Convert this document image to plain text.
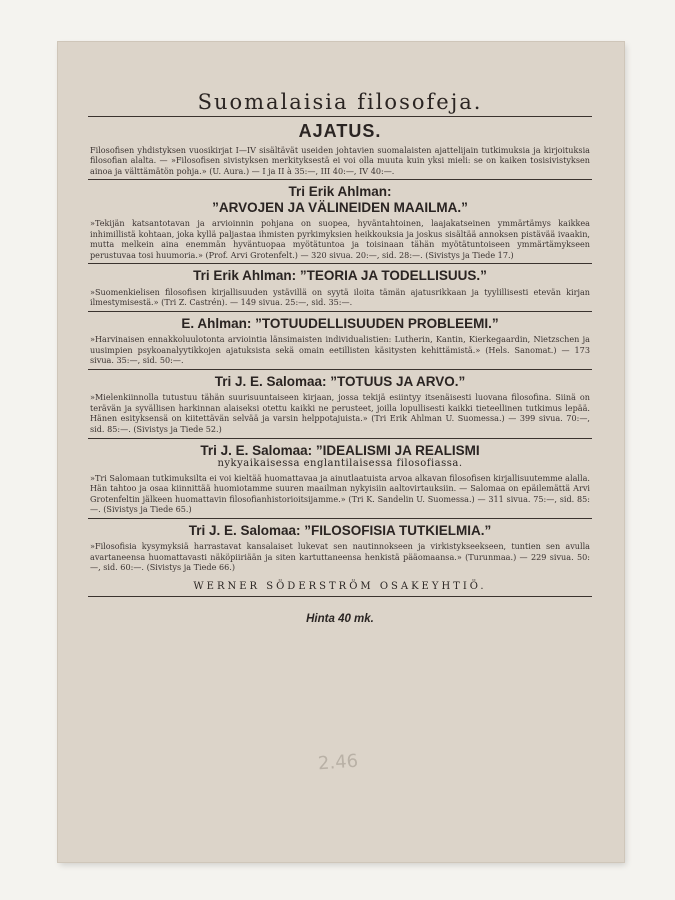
Suomalaisia filosofeja.
AJATUS.
Filosofisen yhdistyksen vuosikirjat I—IV sisältävät useiden johtavien suomalaisten ajattelijain tutkimuksia ja kirjoituksia filosofian alalta. — »Filosofisen sivistyksen merkityksestä ei voi olla muuta kuin yksi mieli: se on kaiken tosisivistyksen ainoa ja välttämätön pohja.» (U. Aura.) — I ja II à 35:—, III 40:—, IV 40:—.
Tri Erik Ahlman:
”ARVOJEN JA VÄLINEIDEN MAAILMA.”
»Tekijän katsantotavan ja arvioinnin pohjana on suopea, hyväntahtoinen, laajakatseinen ymmärtämys kaikkea inhimillistä kohtaan, joka kyllä paljastaa ihmisten pyrkimyksien heikkouksia ja joskus sisältää annoksen pistävää ivaakin, mutta melkein aina enemmän hyväntuopaa myötätuntoa ja toisinaan tähän myötätuntoiseen ymmärtämykseen perustuvaa tosi huumoria.» (Prof. Arvi Grotenfelt.) — 320 sivua. 20:—, sid. 28:—. (Sivistys ja Tiede 17.)
Tri Erik Ahlman: ”TEORIA JA TODELLISUUS.”
»Suomenkielisen filosofisen kirjallisuuden ystävillä on syytä iloita tämän ajatusrikkaan ja tyylillisesti etevän kirjan ilmestymisestä.» (Tri Z. Castrén). — 149 sivua. 25:—, sid. 35:—.
E. Ahlman: ”TOTUUDELLISUUDEN PROBLEEMI.”
»Harvinaisen ennakkoluulotonta arviointia länsimaisten individualistien: Lutherin, Kantin, Kierkegaardin, Nietzschen ja uusimpien psykoanalyytikkojen ajatuksista sekä omain eetillisten käsitysten kehittämistä.» (Hels. Sanomat.) — 173 sivua. 35:—, sid. 50:—.
Tri J. E. Salomaa: ”TOTUUS JA ARVO.”
»Mielenkiinnolla tutustuu tähän suurisuuntaiseen kirjaan, jossa tekijä esiintyy itsenäisesti luovana filosofina. Siinä on terävän ja syvällisen harkinnan alaiseksi otettu kaikki ne perusteet, joilla lopullisesti kaikki tieteellinen tutkimus lepää. Hänen esityksensä on kiitettävän selvää ja varsin helppotajuista.» (Tri Erik Ahlman U. Suomessa.) — 399 sivua. 70:—, sid. 85:—. (Sivistys ja Tiede 52.)
Tri J. E. Salomaa: ”IDEALISMI JA REALISMI
nykyaikaisessa englantilaisessa filosofiassa.
»Tri Salomaan tutkimuksilta ei voi kieltää huomattavaa ja ainutlaatuista arvoa alkavan filosofisen kirjallisuutemme alalla. Hän tahtoo ja osaa kiinnittää huomiotamme suuren maailman nykyisiin aaltovirtauksiin. — Salomaa on epäilemättä Arvi Grotenfeltin jälkeen huomattavin filosofianhistorioitsijamme.» (Tri K. Sandelin U. Suomessa.) — 311 sivua. 75:—, sid. 85:—. (Sivistys ja Tiede 65.)
Tri J. E. Salomaa: ”FILOSOFISIA TUTKIELMIA.”
»Filosofisia kysymyksiä harrastavat kansalaiset lukevat sen nautinnokseen ja virkistykseekseen, tuntien sen avulla avartaneensa huomattavasti näköpiiriään ja siten kartuttaneensa henkistä pääomaansa.» (Turunmaa.) — 229 sivua. 50:—, sid. 60:—. (Sivistys ja Tiede 66.)
WERNER SÖDERSTRÖM OSAKEYHTIÖ.
Hinta 40 mk.
2.46
